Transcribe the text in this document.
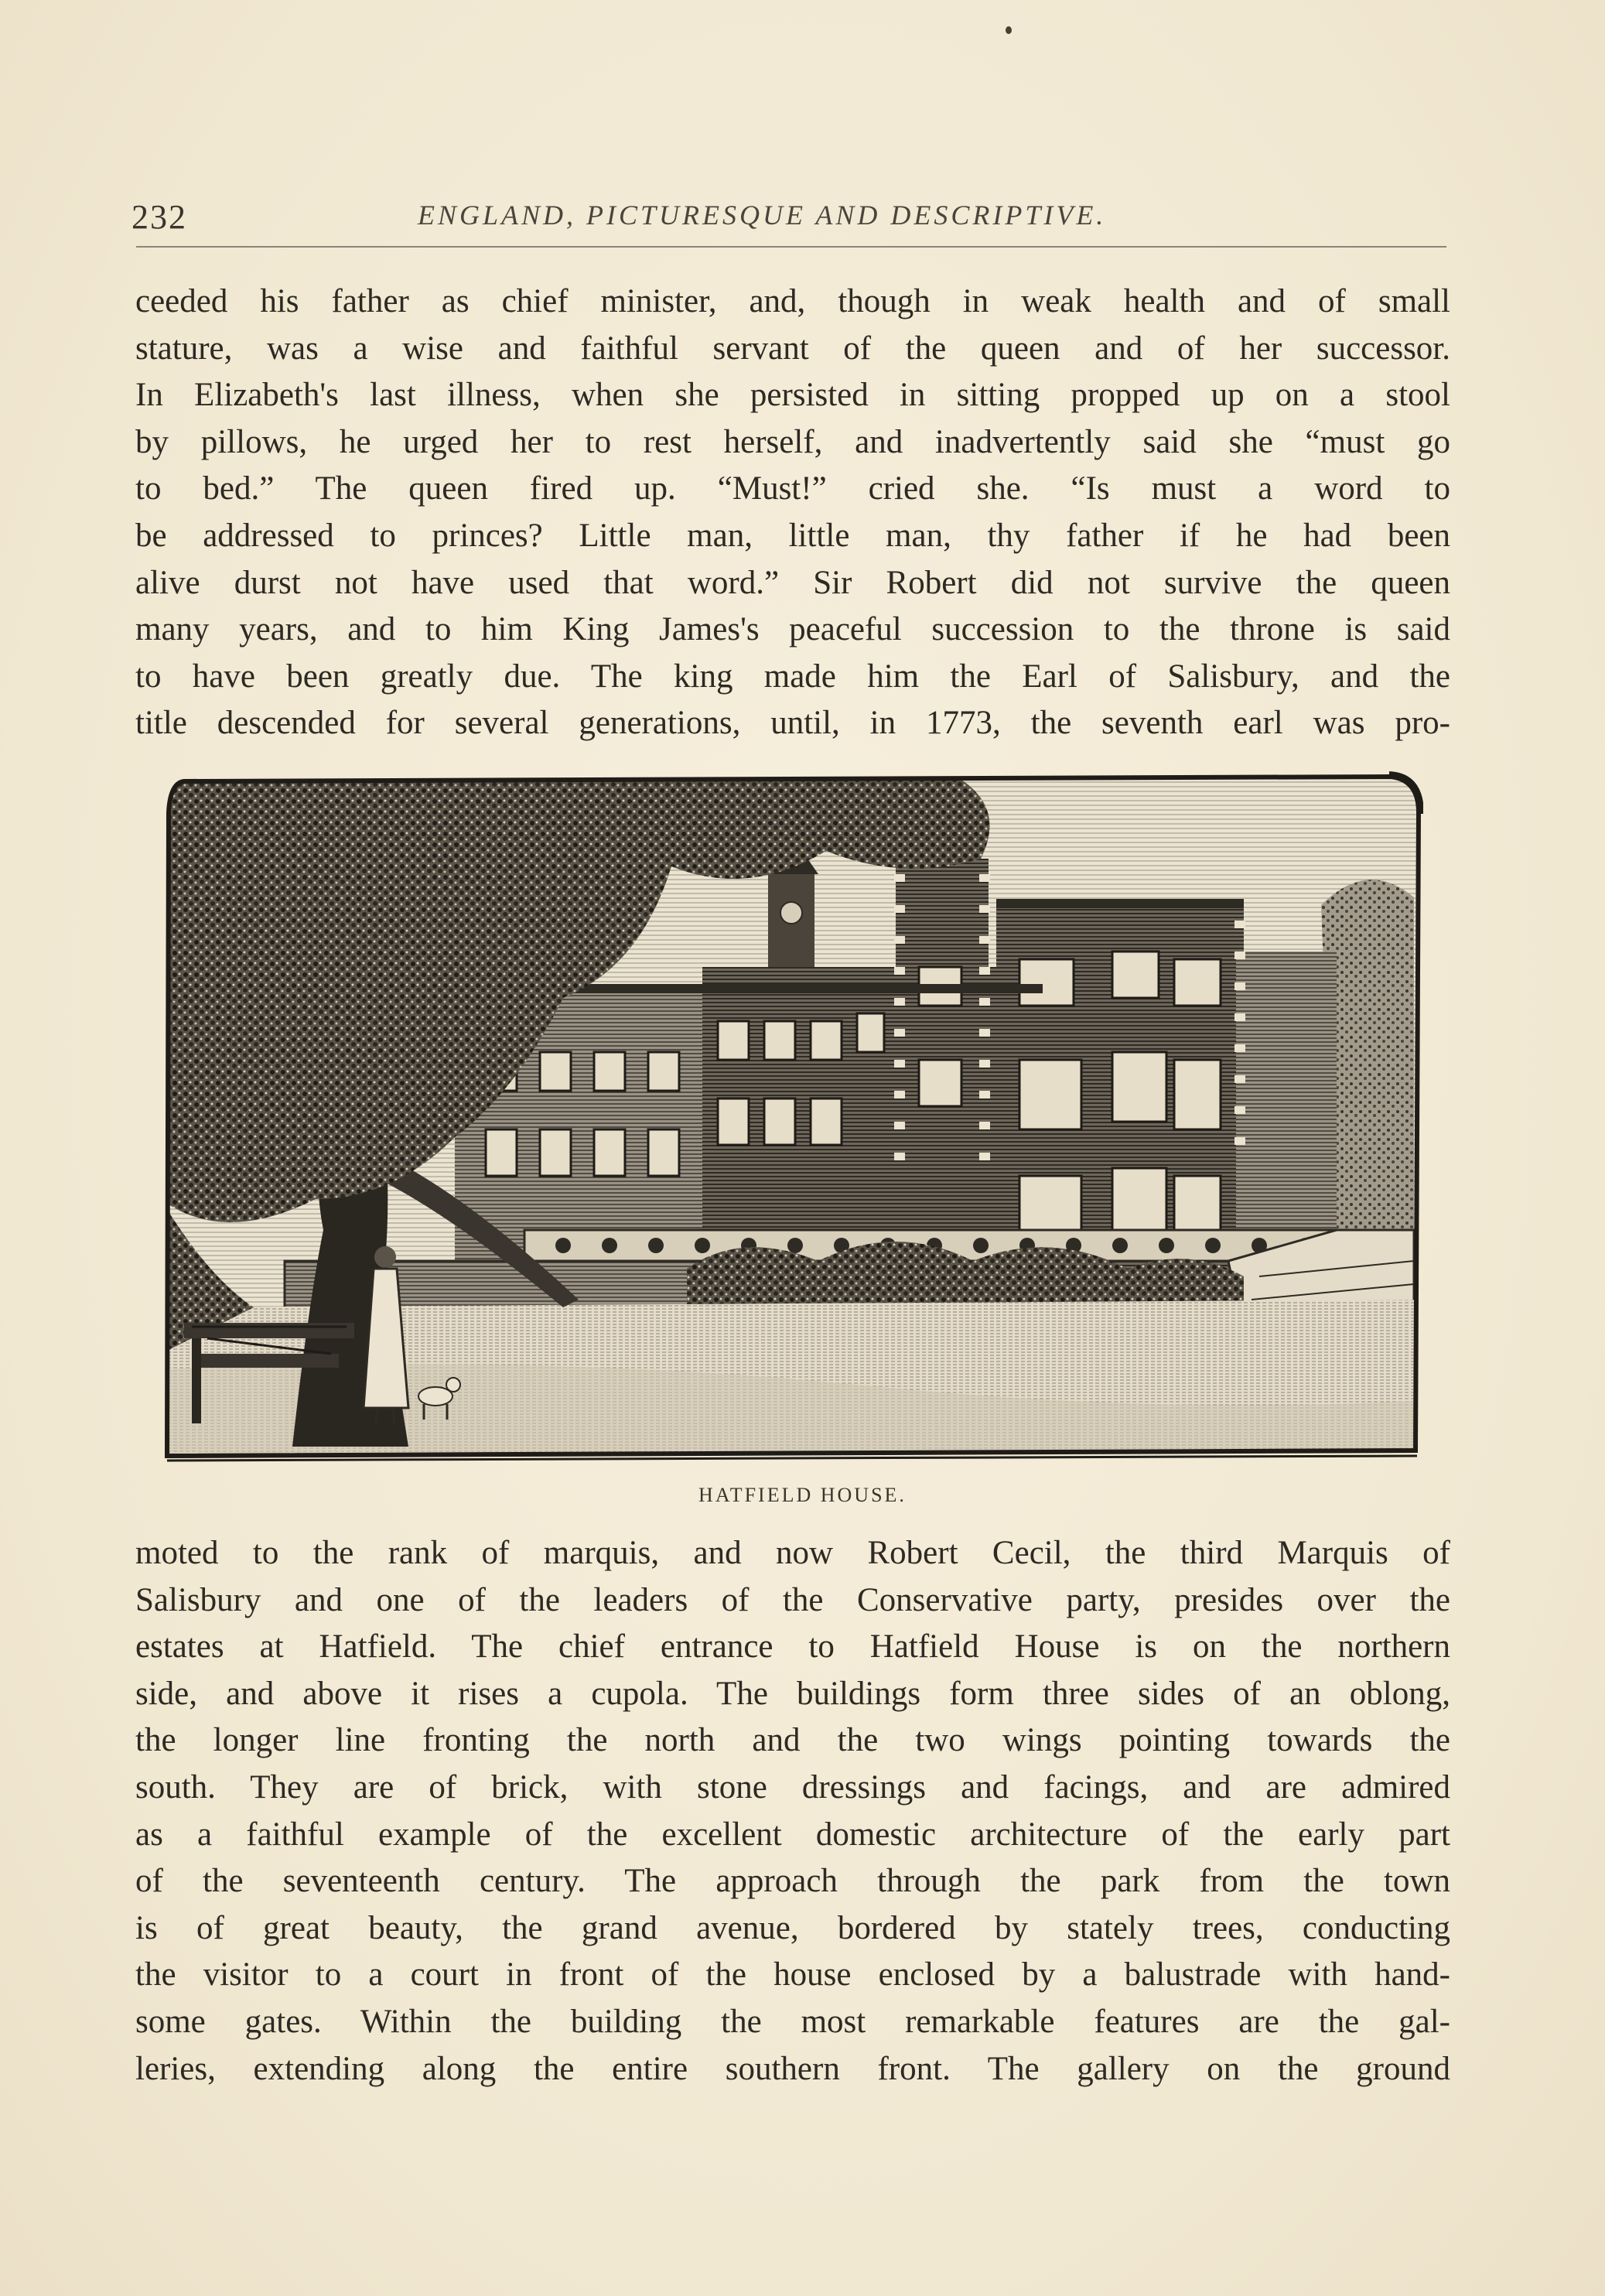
232	ENGLAND, PICTURESQUE AND DESCRIPTIVE.
ceeded his father as chief minister, and, though in weak health and of small
stature, was a wise and faithful servant of the queen and of her successor.
In Elizabeth's last illness, when she persisted in sitting propped up on a stool
by pillows, he urged her to rest herself, and inadvertently said she “must go
to bed.” The queen fired up. “Must!” cried she. “Is must a word to
be addressed to princes? Little man, little man, thy father if he had been
alive durst not have used that word.” Sir Robert did not survive the queen
many years, and to him King James's peaceful succession to the throne is said
to have been greatly due. The king made him the Earl of Salisbury, and the
title descended for several generations, until, in 1773, the seventh earl was pro-
HATFIELD HOUSE.
moted to the rank of marquis, and now Robert Cecil, the third Marquis of
Salisbury and one of the leaders of the Conservative party, presides over the
estates at Hatfield. The chief entrance to Hatfield House is on the northern
side, and above it rises a cupola. The buildings form three sides of an oblong,
the longer line fronting the north and the two wings pointing towards the
south. They are of brick, with stone dressings and facings, and are admired
as a faithful example of the excellent domestic architecture of the early part
of the seventeenth century. The approach through the park from the town
is of great beauty, the grand avenue, bordered by stately trees, conducting
the visitor to a court in front of the house enclosed by a balustrade with hand-
some gates. Within the building the most remarkable features are the gal-
leries, extending along the entire southern front. The gallery on the ground
